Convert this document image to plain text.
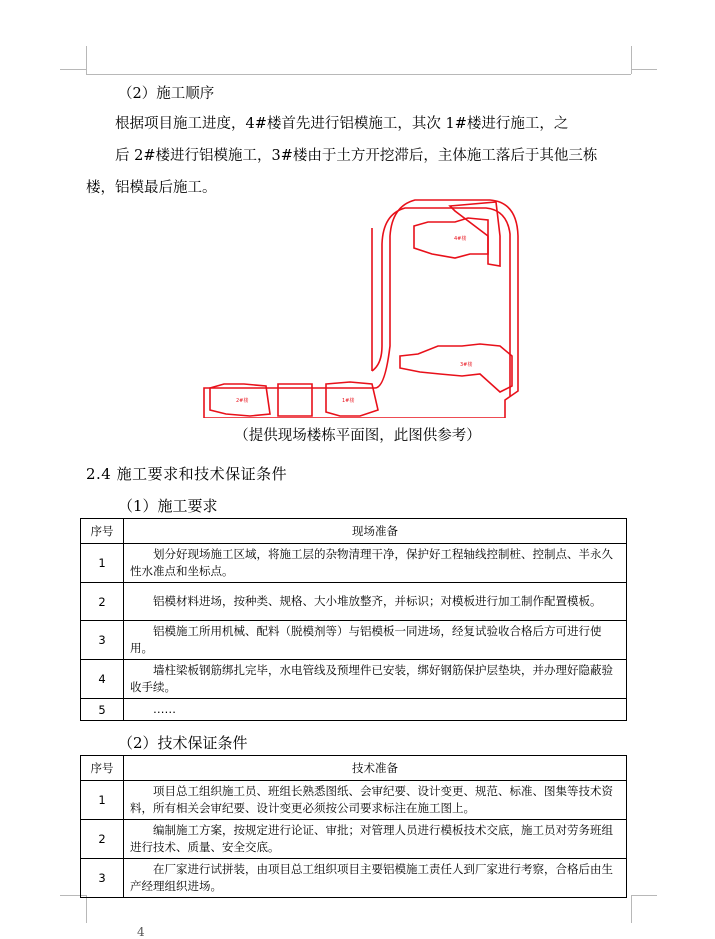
（2）施工顺序
根据项目施工进度，4#楼首先进行铝模施工，其次 1#楼进行施工，之
后 2#楼进行铝模施工，3#楼由于土方开挖滞后，主体施工落后于其他三栋
楼，铝模最后施工。
4#楼
3#楼
2#楼	1#楼
（提供现场楼栋平面图，此图供参考）
2.4 施工要求和技术保证条件
（1）施工要求
序号	现场准备
1	划分好现场施工区域，将施工层的杂物清理干净，保护好工程轴线控制桩、控制点、半永久性水准点和坐标点。
2	铝模材料进场，按种类、规格、大小堆放整齐，并标识；对模板进行加工制作配置模板。
3	铝模施工所用机械、配料（脱模剂等）与铝模板一同进场，经复试验收合格后方可进行使用。
4	墙柱梁板钢筋绑扎完毕，水电管线及预埋件已安装，绑好钢筋保护层垫块，并办理好隐蔽验收手续。
5	……
（2）技术保证条件
序号	技术准备
1	项目总工组织施工员、班组长熟悉图纸、会审纪要、设计变更、规范、标准、图集等技术资料，所有相关会审纪要、设计变更必须按公司要求标注在施工图上。
2	编制施工方案，按规定进行论证、审批；对管理人员进行模板技术交底，施工员对劳务班组进行技术、质量、安全交底。
3	在厂家进行试拼装，由项目总工组织项目主要铝模施工责任人到厂家进行考察，合格后由生产经理组织进场。
4
